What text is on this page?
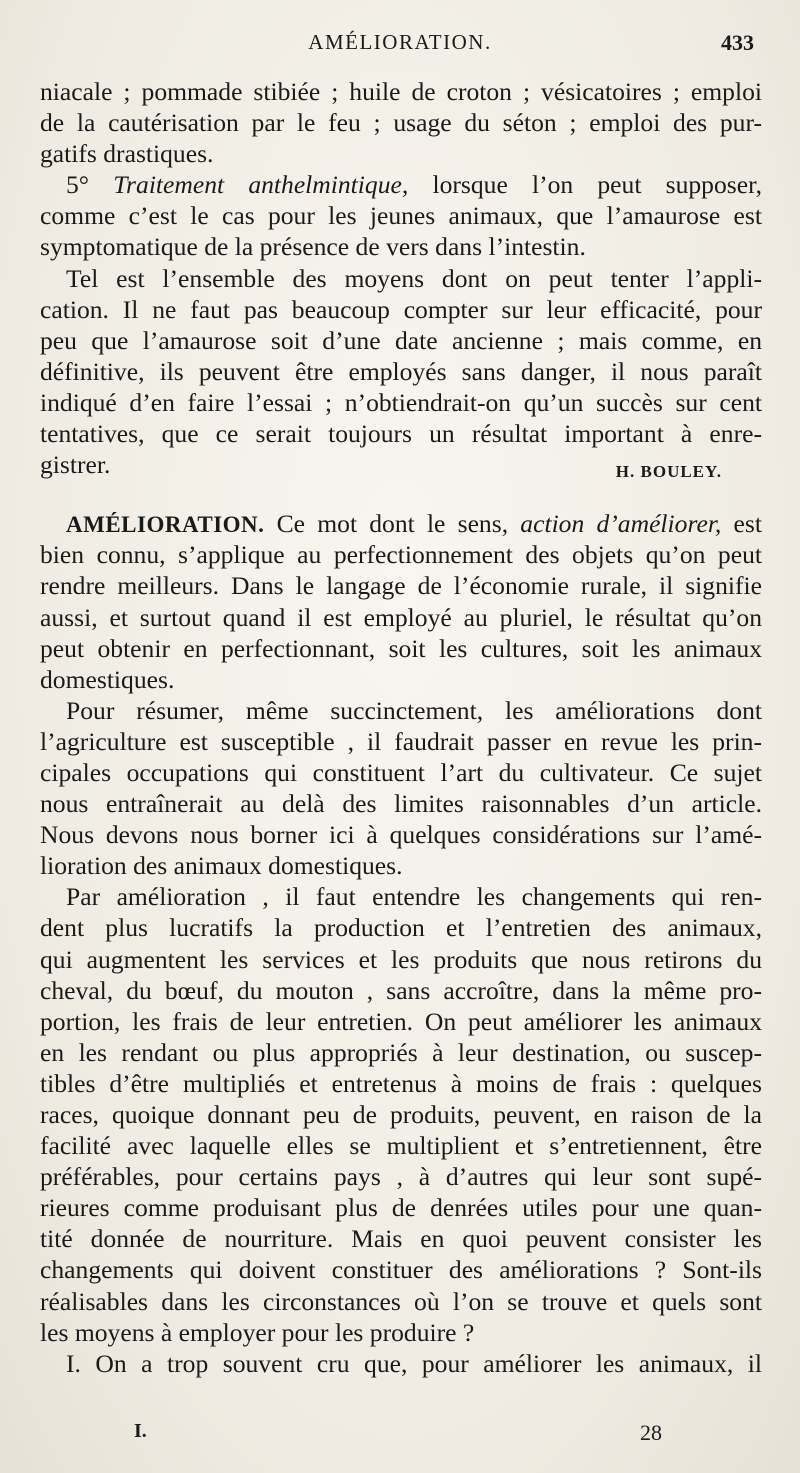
AMÉLIORATION.	433
niacale ; pommade stibiée ; huile de croton ; vésicatoires ; emploi
de la cautérisation par le feu ; usage du séton ; emploi des pur-
gatifs drastiques.
5° Traitement anthelmintique, lorsque l’on peut supposer,
comme c’est le cas pour les jeunes animaux, que l’amaurose est
symptomatique de la présence de vers dans l’intestin.
Tel est l’ensemble des moyens dont on peut tenter l’appli-
cation. Il ne faut pas beaucoup compter sur leur efficacité, pour
peu que l’amaurose soit d’une date ancienne ; mais comme, en
définitive, ils peuvent être employés sans danger, il nous paraît
indiqué d’en faire l’essai ; n’obtiendrait-on qu’un succès sur cent
tentatives, que ce serait toujours un résultat important à enre-
gistrer.	H. BOULEY.
AMÉLIORATION. Ce mot dont le sens, action d’améliorer, est
bien connu, s’applique au perfectionnement des objets qu’on peut
rendre meilleurs. Dans le langage de l’économie rurale, il signifie
aussi, et surtout quand il est employé au pluriel, le résultat qu’on
peut obtenir en perfectionnant, soit les cultures, soit les animaux
domestiques.
Pour résumer, même succinctement, les améliorations dont
l’agriculture est susceptible , il faudrait passer en revue les prin-
cipales occupations qui constituent l’art du cultivateur. Ce sujet
nous entraînerait au delà des limites raisonnables d’un article.
Nous devons nous borner ici à quelques considérations sur l’amé-
lioration des animaux domestiques.
Par amélioration , il faut entendre les changements qui ren-
dent plus lucratifs la production et l’entretien des animaux,
qui augmentent les services et les produits que nous retirons du
cheval, du bœuf, du mouton , sans accroître, dans la même pro-
portion, les frais de leur entretien. On peut améliorer les animaux
en les rendant ou plus appropriés à leur destination, ou suscep-
tibles d’être multipliés et entretenus à moins de frais : quelques
races, quoique donnant peu de produits, peuvent, en raison de la
facilité avec laquelle elles se multiplient et s’entretiennent, être
préférables, pour certains pays , à d’autres qui leur sont supé-
rieures comme produisant plus de denrées utiles pour une quan-
tité donnée de nourriture. Mais en quoi peuvent consister les
changements qui doivent constituer des améliorations ? Sont-ils
réalisables dans les circonstances où l’on se trouve et quels sont
les moyens à employer pour les produire ?
I. On a trop souvent cru que, pour améliorer les animaux, il
I.	28
